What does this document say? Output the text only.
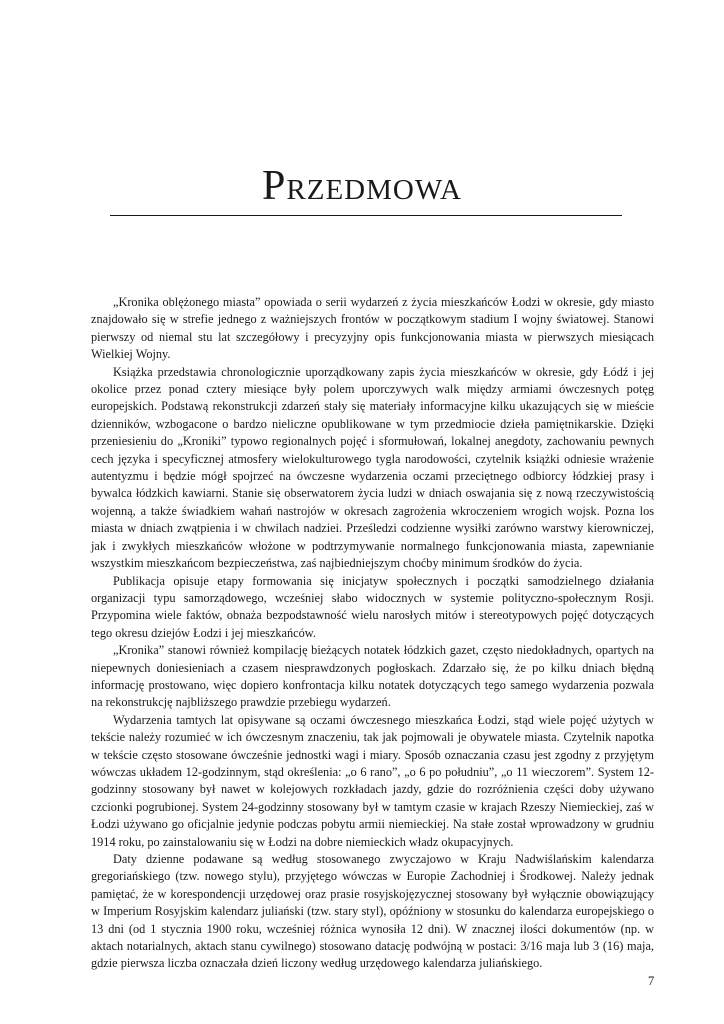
Przedmowa

„Kronika oblężonego miasta” opowiada o serii wydarzeń z życia mieszkańców Łodzi w okresie, gdy miasto znajdowało się w strefie jednego z ważniejszych frontów w początkowym stadium I wojny światowej. Stanowi pierwszy od niemal stu lat szczegółowy i precyzyjny opis funkcjonowania miasta w pierwszych miesiącach Wielkiej Wojny.

Książka przedstawia chronologicznie uporządkowany zapis życia mieszkańców w okresie, gdy Łódź i jej okolice przez ponad cztery miesiące były polem uporczywych walk między armiami ówczesnych potęg europejskich. Podstawą rekonstrukcji zdarzeń stały się materiały informacyjne kilku ukazujących się w mieście dzienników, wzbogacone o bardzo nieliczne opublikowane w tym przedmiocie dzieła pamiętnikarskie. Dzięki przeniesieniu do „Kroniki” typowo regionalnych pojęć i sformułowań, lokalnej anegdoty, zachowaniu pewnych cech języka i specyficznej atmosfery wielokulturowego tygla narodowości, czytelnik książki odniesie wrażenie autentyzmu i będzie mógł spojrzeć na ówczesne wydarzenia oczami przeciętnego odbiorcy łódzkiej prasy i bywalca łódzkich kawiarni. Stanie się obserwatorem życia ludzi w dniach oswajania się z nową rzeczywistością wojenną, a także świadkiem wahań nastrojów w okresach zagrożenia wkroczeniem wrogich wojsk. Pozna los miasta w dniach zwątpienia i w chwilach nadziei. Prześledzi codzienne wysiłki zarówno warstwy kierowniczej, jak i zwykłych mieszkańców włożone w podtrzymywanie normalnego funkcjonowania miasta, zapewnianie wszystkim mieszkańcom bezpieczeństwa, zaś najbiedniejszym choćby minimum środków do życia.

Publikacja opisuje etapy formowania się inicjatyw społecznych i początki samodzielnego działania organizacji typu samorządowego, wcześniej słabo widocznych w systemie polityczno-społecznym Rosji. Przypomina wiele faktów, obnaża bezpodstawność wielu narosłych mitów i stereotypowych pojęć dotyczących tego okresu dziejów Łodzi i jej mieszkańców.

„Kronika” stanowi również kompilację bieżących notatek łódzkich gazet, często niedokładnych, opartych na niepewnych doniesieniach a czasem niesprawdzonych pogłoskach. Zdarzało się, że po kilku dniach błędną informację prostowano, więc dopiero konfrontacja kilku notatek dotyczących tego samego wydarzenia pozwala na rekonstrukcję najbliższego prawdzie przebiegu wydarzeń.

Wydarzenia tamtych lat opisywane są oczami ówczesnego mieszkańca Łodzi, stąd wiele pojęć użytych w tekście należy rozumieć w ich ówczesnym znaczeniu, tak jak pojmowali je obywatele miasta. Czytelnik napotka w tekście często stosowane ówcześnie jednostki wagi i miary. Sposób oznaczania czasu jest zgodny z przyjętym wówczas układem 12-godzinnym, stąd określenia: „o 6 rano”, „o 6 po południu”, „o 11 wieczorem”. System 12-godzinny stosowany był nawet w kolejowych rozkładach jazdy, gdzie do rozróżnienia części doby używano czcionki pogrubionej. System 24-godzinny stosowany był w tamtym czasie w krajach Rzeszy Niemieckiej, zaś w Łodzi używano go oficjalnie jedynie podczas pobytu armii niemieckiej. Na stałe został wprowadzony w grudniu 1914 roku, po zainstalowaniu się w Łodzi na dobre niemieckich władz okupacyjnych.

Daty dzienne podawane są według stosowanego zwyczajowo w Kraju Nadwiślańskim kalendarza gregoriańskiego (tzw. nowego stylu), przyjętego wówczas w Europie Zachodniej i Środkowej. Należy jednak pamiętać, że w korespondencji urzędowej oraz prasie rosyjskojęzycznej stosowany był wyłącznie obowiązujący w Imperium Rosyjskim kalendarz juliański (tzw. stary styl), opóźniony w stosunku do kalendarza europejskiego o 13 dni (od 1 stycznia 1900 roku, wcześniej różnica wynosiła 12 dni). W znacznej ilości dokumentów (np. w aktach notarialnych, aktach stanu cywilnego) stosowano datację podwójną w postaci: 3/16 maja lub 3 (16) maja, gdzie pierwsza liczba oznaczała dzień liczony według urzędowego kalendarza juliańskiego.

7
